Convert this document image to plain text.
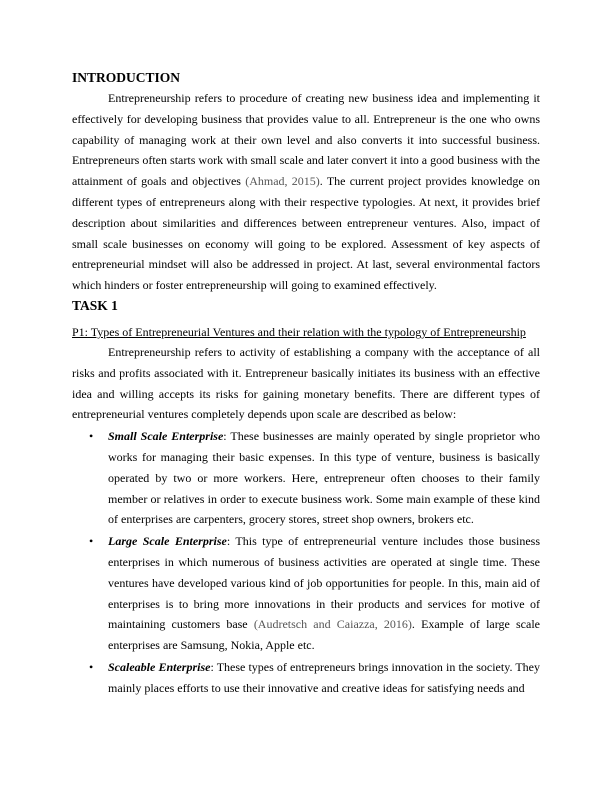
INTRODUCTION

Entrepreneurship refers to procedure of creating new business idea and implementing it effectively for developing business that provides value to all. Entrepreneur is the one who owns capability of managing work at their own level and also converts it into successful business. Entrepreneurs often starts work with small scale and later convert it into a good business with the attainment of goals and objectives (Ahmad, 2015). The current project provides knowledge on different types of entrepreneurs along with their respective typologies. At next, it provides brief description about similarities and differences between entrepreneur ventures. Also, impact of small scale businesses on economy will going to be explored. Assessment of key aspects of entrepreneurial mindset will also be addressed in project. At last, several environmental factors which hinders or foster entrepreneurship will going to examined effectively.

TASK 1

P1: Types of Entrepreneurial Ventures and their relation with the typology of Entrepreneurship

Entrepreneurship refers to activity of establishing a company with the acceptance of all risks and profits associated with it. Entrepreneur basically initiates its business with an effective idea and willing accepts its risks for gaining monetary benefits. There are different types of entrepreneurial ventures completely depends upon scale are described as below:

• Small Scale Enterprise: These businesses are mainly operated by single proprietor who works for managing their basic expenses. In this type of venture, business is basically operated by two or more workers. Here, entrepreneur often chooses to their family member or relatives in order to execute business work. Some main example of these kind of enterprises are carpenters, grocery stores, street shop owners, brokers etc.
• Large Scale Enterprise: This type of entrepreneurial venture includes those business enterprises in which numerous of business activities are operated at single time. These ventures have developed various kind of job opportunities for people. In this, main aid of enterprises is to bring more innovations in their products and services for motive of maintaining customers base (Audretsch and Caiazza, 2016). Example of large scale enterprises are Samsung, Nokia, Apple etc.
• Scaleable Enterprise: These types of entrepreneurs brings innovation in the society. They mainly places efforts to use their innovative and creative ideas for satisfying needs and
